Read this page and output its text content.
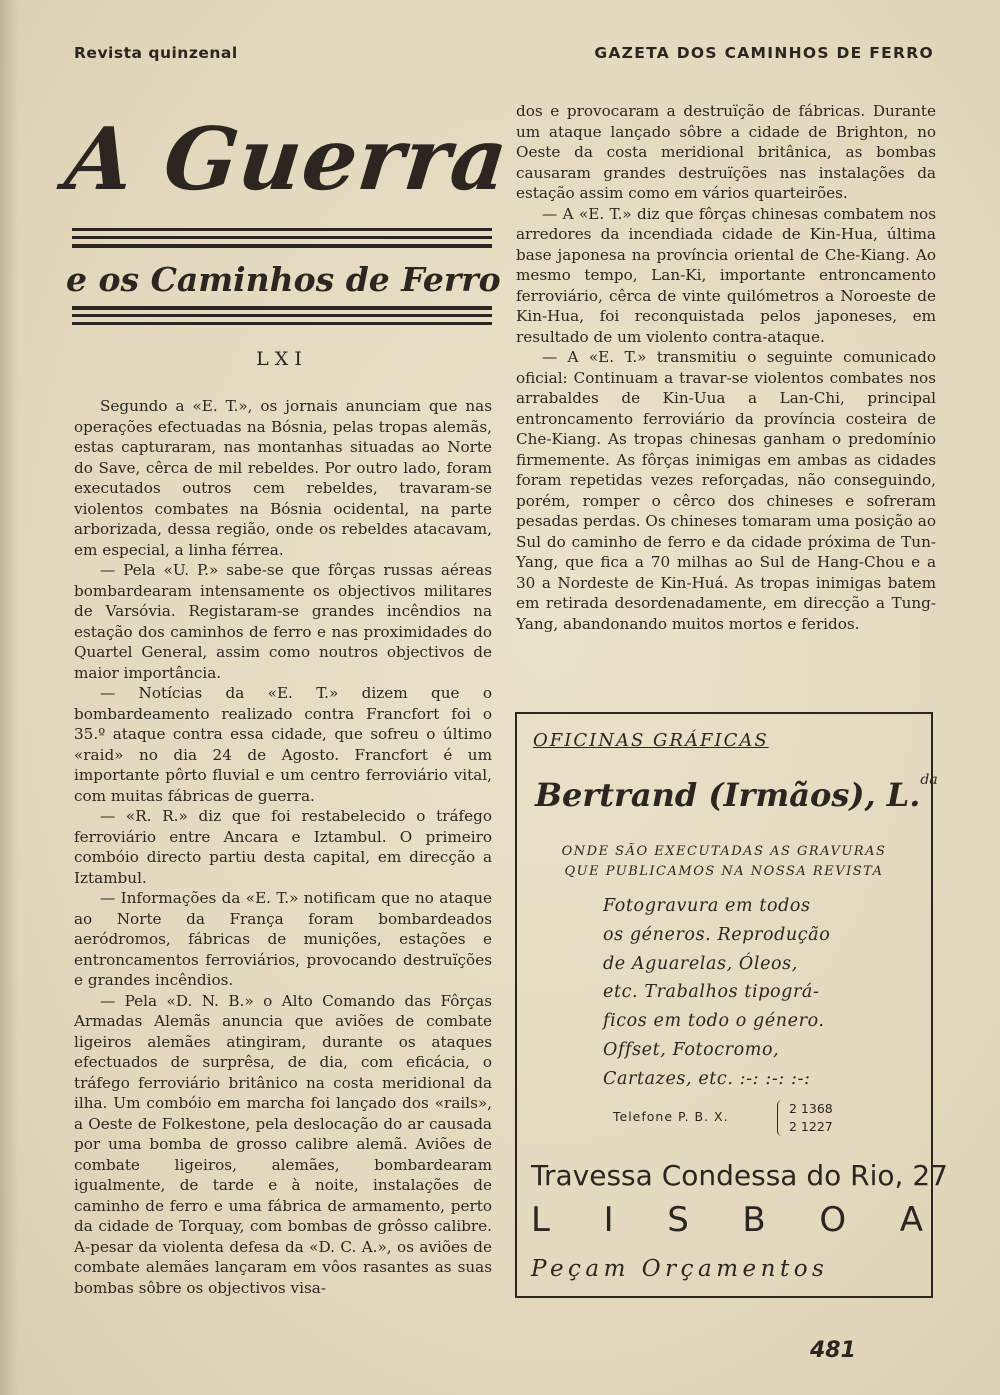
Revista quinzenal	GAZETA DOS CAMINHOS DE FERRO
A Guerra
e os Caminhos de Ferro
LXI

Segundo a «E. T.», os jornais anunciam que nas operações efectuadas na Bósnia, pelas tropas alemãs, estas capturaram, nas montanhas situadas ao Norte do Save, cêrca de mil rebeldes. Por outro lado, foram executados outros cem rebeldes, travaram-se violentos combates na Bósnia ocidental, na parte arborizada, dessa região, onde os rebeldes atacavam, em especial, a linha férrea.

— Pela «U. P.» sabe-se que fôrças russas aéreas bombardearam intensamente os objectivos militares de Varsóvia. Registaram-se grandes incêndios na estação dos caminhos de ferro e nas proximidades do Quartel General, assim como noutros objectivos de maior importância.

— Notícias da «E. T.» dizem que o bombardeamento realizado contra Francfort foi o 35.º ataque contra essa cidade, que sofreu o último «raid» no dia 24 de Agosto. Francfort é um importante pôrto fluvial e um centro ferroviário vital, com muitas fábricas de guerra.

— «R. R.» diz que foi restabelecido o tráfego ferroviário entre Ancara e Iztambul. O primeiro combóio directo partiu desta capital, em direcção a Iztambul.

— Informações da «E. T.» notificam que no ataque ao Norte da França foram bombardeados aeródromos, fábricas de munições, estações e entroncamentos ferroviários, provocando destruïções e grandes incêndios.

— Pela «D. N. B.» o Alto Comando das Fôrças Armadas Alemãs anuncia que aviões de combate ligeiros alemães atingiram, durante os ataques efectuados de surprêsa, de dia, com eficácia, o tráfego ferroviário britânico na costa meridional da ilha. Um combóio em marcha foi lançado dos «rails», a Oeste de Folkestone, pela deslocação do ar causada por uma bomba de grosso calibre alemã. Aviões de combate ligeiros, alemães, bombardearam igualmente, de tarde e à noite, instalações de caminho de ferro e uma fábrica de armamento, perto da cidade de Torquay, com bombas de grôsso calibre. A-pesar da violenta defesa da «D. C. A.», os aviões de combate alemães lançaram em vôos rasantes as suas bombas sôbre os objectivos visa-

dos e provocaram a destruïção de fábricas. Durante um ataque lançado sôbre a cidade de Brighton, no Oeste da costa meridional britânica, as bombas causaram grandes destruïções nas instalações da estação assim como em vários quarteirões.

— A «E. T.» diz que fôrças chinesas combatem nos arredores da incendiada cidade de Kin-Hua, última base japonesa na província oriental de Che-Kiang. Ao mesmo tempo, Lan-Ki, importante entroncamento ferroviário, cêrca de vinte quilómetros a Noroeste de Kin-Hua, foi reconquistada pelos japoneses, em resultado de um violento contra-ataque.

— A «E. T.» transmitiu o seguinte comunicado oficial: Continuam a travar-se violentos combates nos arrabaldes de Kin-Uua a Lan-Chi, principal entroncamento ferroviário da província costeira de Che-Kiang. As tropas chinesas ganham o predomínio firmemente. As fôrças inimigas em ambas as cidades foram repetidas vezes reforçadas, não conseguindo, porém, romper o cêrco dos chineses e sofreram pesadas perdas. Os chineses tomaram uma posição ao Sul do caminho de ferro e da cidade próxima de Tun-Yang, que fica a 70 milhas ao Sul de Hang-Chou e a 30 a Nordeste de Kin-Huá. As tropas inimigas batem em retirada desordenadamente, em direcção a Tung-Yang, abandonando muitos mortos e feridos.

OFICINAS GRÁFICAS
Bertrand (Irmãos), L.$^{da}$
ONDE SÃO EXECUTADAS AS GRAVURAS
QUE PUBLICAMOS NA NOSSA REVISTA
Fotogravura em todos
os géneros. Reprodução
de Aguarelas, Óleos,
etc. Trabalhos tipográ-
ficos em todo o género.
Offset, Fotocromo,
Cartazes, etc. :-: :-: :-:
Telefone P. B. X.
2 1368
2 1227
Travessa Condessa do Rio, 27
L I S B O A
Peçam Orçamentos
481
